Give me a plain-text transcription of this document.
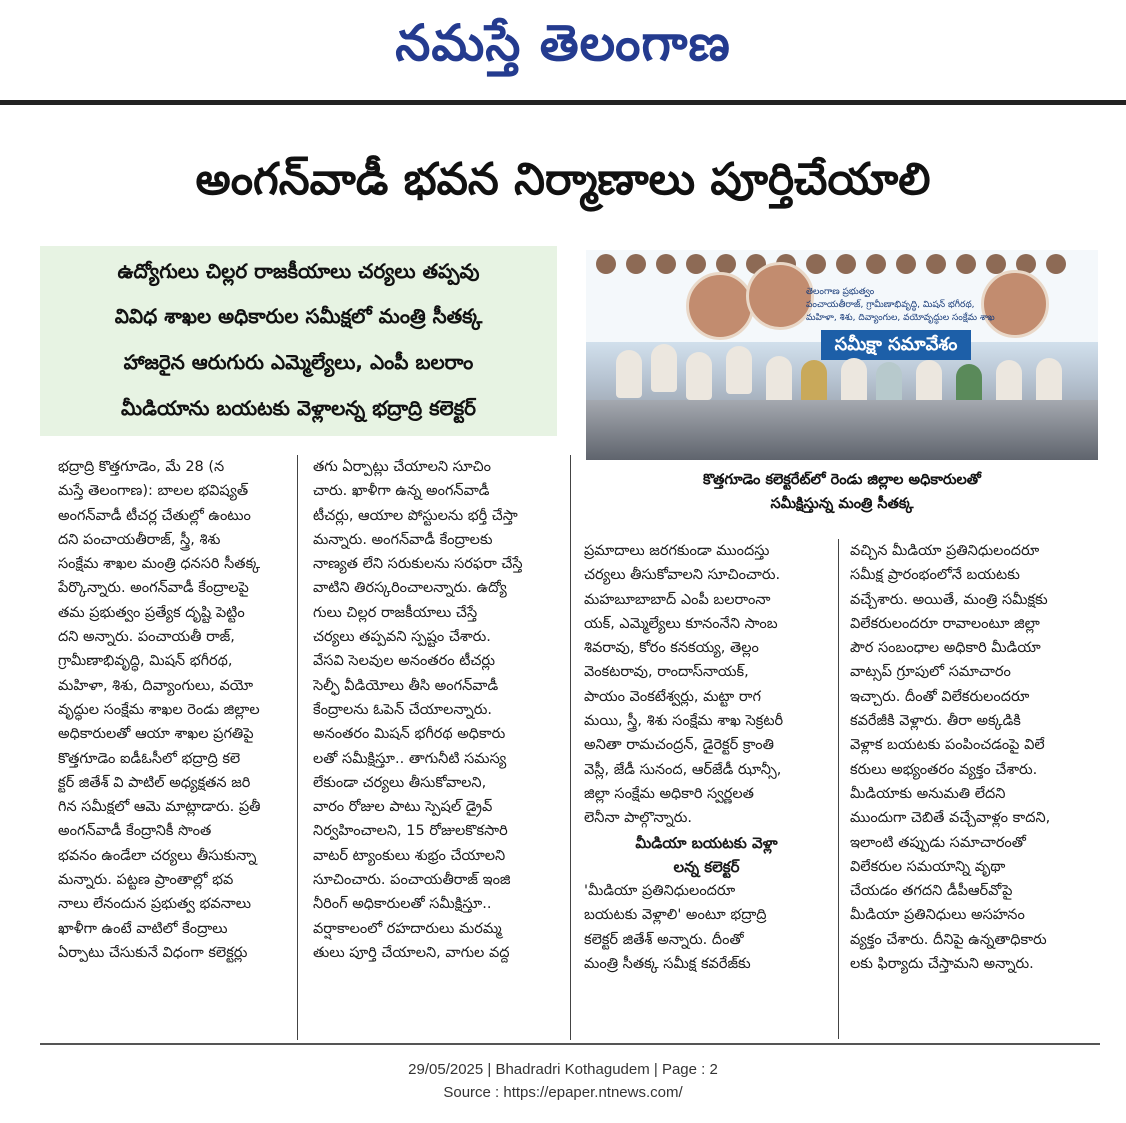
నమస్తే తెలంగాణ
అంగన్‌వాడీ భవన నిర్మాణాలు పూర్తిచేయాలి
ఉద్యోగులు చిల్లర రాజకీయాలు చర్యలు తప్పవు
వివిధ శాఖల అధికారుల సమీక్షలో మంత్రి సీతక్క
హాజరైన ఆరుగురు ఎమ్మెల్యేలు, ఎంపీ బలరాం
మీడియాను బయటకు వెళ్లాలన్న భద్రాద్రి కలెక్టర్
తెలంగాణ ప్రభుత్వం
పంచాయతీరాజ్, గ్రామీణాభివృద్ధి, మిషన్ భగీరథ,
మహిళా, శిశు, దివ్యాంగుల, వయోవృద్ధుల సంక్షేమ శాఖ
సమీక్షా సమావేశం
కొత్తగూడెం కలెక్టరేట్‌లో రెండు జిల్లాల అధికారులతో
సమీక్షిస్తున్న మంత్రి సీతక్క
భద్రాద్రి కొత్తగూడెం, మే 28 (న
మస్తే తెలంగాణ): బాలల భవిష్యత్
అంగన్‌వాడీ టీచర్ల చేతుల్లో ఉంటుం
దని పంచాయతీరాజ్, స్త్రీ, శిశు
సంక్షేమ శాఖల మంత్రి ధనసరి సీతక్క
పేర్కొన్నారు. అంగన్‌వాడీ కేంద్రాలపై
తమ ప్రభుత్వం ప్రత్యేక దృష్టి పెట్టిం
దని అన్నారు. పంచాయతీ రాజ్,
గ్రామీణాభివృద్ధి, మిషన్ భగీరథ,
మహిళా, శిశు, దివ్యాంగులు, వయో
వృద్ధుల సంక్షేమ శాఖల రెండు జిల్లాల
అధికారులతో ఆయా శాఖల ప్రగతిపై
కొత్తగూడెం ఐడీఓసీలో భద్రాద్రి కలె
క్టర్ జితేశ్ వి పాటిల్ అధ్యక్షతన జరి
గిన సమీక్షలో ఆమె మాట్లాడారు. ప్రతీ
అంగన్‌వాడీ కేంద్రానికీ సొంత
భవనం ఉండేలా చర్యలు తీసుకున్నా
మన్నారు. పట్టణ ప్రాంతాల్లో భవ
నాలు లేనందున ప్రభుత్వ భవనాలు
ఖాళీగా ఉంటే వాటిలో కేంద్రాలు
ఏర్పాటు చేసుకునే విధంగా కలెక్టర్లు
తగు ఏర్పాట్లు చేయాలని సూచిం
చారు. ఖాళీగా ఉన్న అంగన్‌వాడీ
టీచర్లు, ఆయాల పోస్టులను భర్తీ చేస్తా
మన్నారు. అంగన్‌వాడీ కేంద్రాలకు
నాణ్యత లేని సరుకులను సరఫరా చేస్తే
వాటిని తిరస్కరించాలన్నారు. ఉద్యో
గులు చిల్లర రాజకీయాలు చేస్తే
చర్యలు తప్పవని స్పష్టం చేశారు.
వేసవి సెలవుల అనంతరం టీచర్లు
సెల్ఫీ వీడియోలు తీసి అంగన్‌వాడీ
కేంద్రాలను ఓపెన్ చేయాలన్నారు.
అనంతరం మిషన్ భగీరథ అధికారు
లతో సమీక్షిస్తూ.. తాగునీటి సమస్య
లేకుండా చర్యలు తీసుకోవాలని,
వారం రోజుల పాటు స్పెషల్ డ్రైవ్
నిర్వహించాలని, 15 రోజులకొకసారి
వాటర్ ట్యాంకులు శుభ్రం చేయాలని
సూచించారు. పంచాయతీరాజ్ ఇంజి
నీరింగ్ అధికారులతో సమీక్షిస్తూ..
వర్షాకాలంలో రహదారులు మరమ్మ
తులు పూర్తి చేయాలని, వాగుల వద్ద
ప్రమాదాలు జరగకుండా ముందస్తు
చర్యలు తీసుకోవాలని సూచించారు.
మహబూబాబాద్ ఎంపీ బలరాంనా
యక్, ఎమ్మెల్యేలు కూనంనేని సాంబ
శివరావు, కోరం కనకయ్య, తెల్లం
వెంకటరావు, రాందాస్‌నాయక్,
పాయం వెంకటేశ్వర్లు, మట్టా రాగ
మయి, స్త్రీ, శిశు సంక్షేమ శాఖ సెక్రటరీ
అనితా రామచంద్రన్, డైరెక్టర్ క్రాంతి
వెస్లీ, జేడీ సునంద, ఆర్‌జేడీ ఝాన్సీ,
జిల్లా సంక్షేమ అధికారి స్వర్ణలత
లెనీనా పాల్గొన్నారు.
మీడియా బయటకు వెళ్లా
లన్న కలెక్టర్
'మీడియా ప్రతినిధులందరూ
బయటకు వెళ్లాలి' అంటూ భద్రాద్రి
కలెక్టర్ జితేశ్ అన్నారు. దీంతో
మంత్రి సీతక్క సమీక్ష కవరేజ్‌కు
వచ్చిన మీడియా ప్రతినిధులందరూ
సమీక్ష ప్రారంభంలోనే బయటకు
వచ్చేశారు. అయితే, మంత్రి సమీక్షకు
విలేకరులందరూ రావాలంటూ జిల్లా
పౌర సంబంధాల అధికారి మీడియా
వాట్సప్ గ్రూపులో సమాచారం
ఇచ్చారు. దీంతో విలేకరులందరూ
కవరేజీకి వెళ్లారు. తీరా అక్కడికి
వెళ్లాక బయటకు పంపించడంపై విలే
కరులు అభ్యంతరం వ్యక్తం చేశారు.
మీడియాకు అనుమతి లేదని
ముందుగా చెబితే వచ్చేవాళ్లం కాదని,
ఇలాంటి తప్పుడు సమాచారంతో
విలేకరుల సమయాన్ని వృథా
చేయడం తగదని డీపీఆర్‌వోపై
మీడియా ప్రతినిధులు అసహనం
వ్యక్తం చేశారు. దీనిపై ఉన్నతాధికారు
లకు ఫిర్యాదు చేస్తామని అన్నారు.
29/05/2025 | Bhadradri Kothagudem | Page : 2
Source : https://epaper.ntnews.com/
